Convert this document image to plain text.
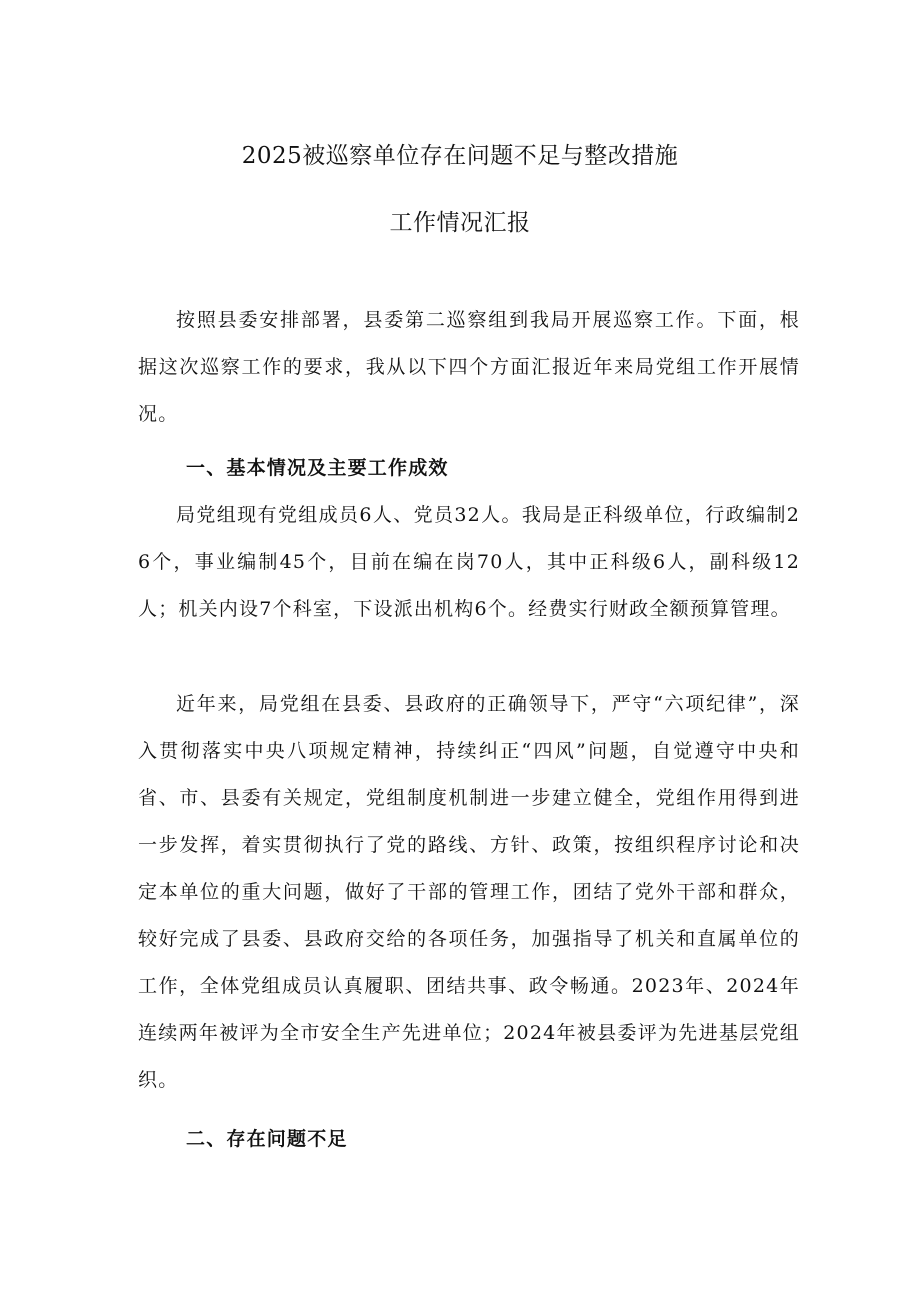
2025被巡察单位存在问题不足与整改措施
工作情况汇报

按照县委安排部署，县委第二巡察组到我局开展巡察工作。下面，根据这次巡察工作的要求，我从以下四个方面汇报近年来局党组工作开展情况。

一、基本情况及主要工作成效

局党组现有党组成员6人、党员32人。我局是正科级单位，行政编制26个，事业编制45个，目前在编在岗70人，其中正科级6人，副科级12人；机关内设7个科室，下设派出机构6个。经费实行财政全额预算管理。

近年来，局党组在县委、县政府的正确领导下，严守“六项纪律”，深入贯彻落实中央八项规定精神，持续纠正“四风”问题，自觉遵守中央和省、市、县委有关规定，党组制度机制进一步建立健全，党组作用得到进一步发挥，着实贯彻执行了党的路线、方针、政策，按组织程序讨论和决定本单位的重大问题，做好了干部的管理工作，团结了党外干部和群众，较好完成了县委、县政府交给的各项任务，加强指导了机关和直属单位的工作，全体党组成员认真履职、团结共事、政令畅通。2023年、2024年连续两年被评为全市安全生产先进单位；2024年被县委评为先进基层党组织。

二、存在问题不足
